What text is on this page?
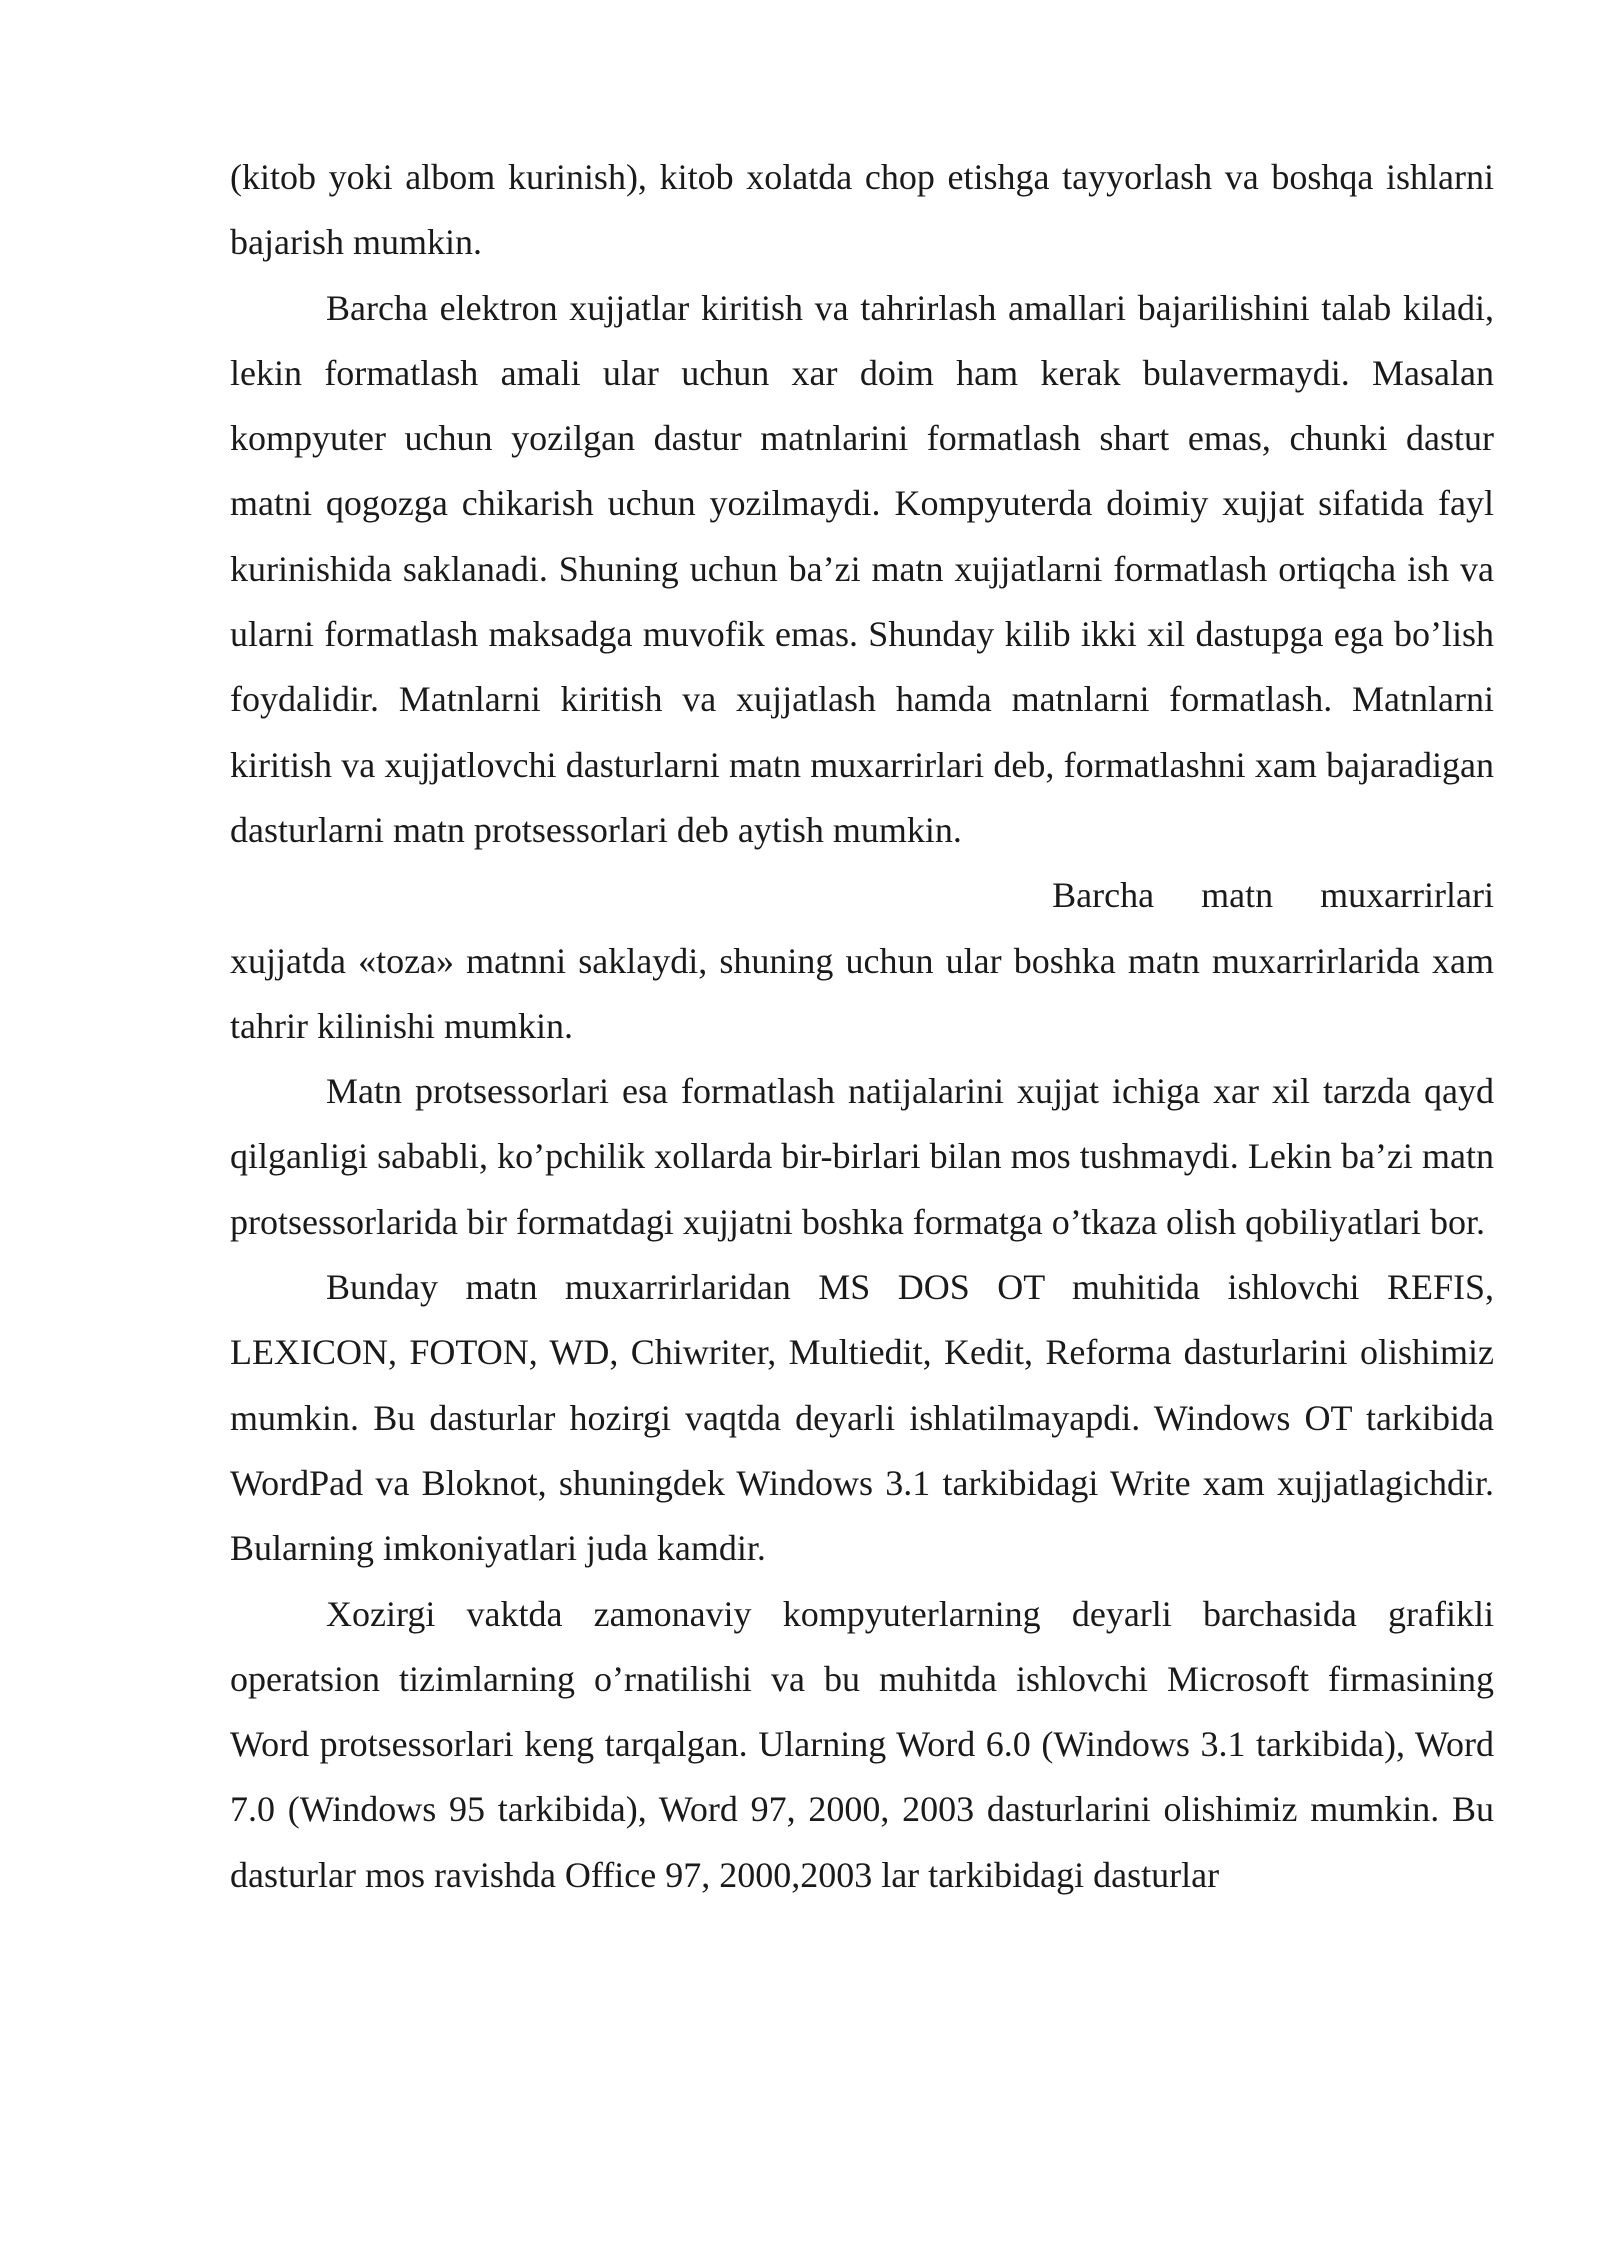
(kitob yoki albom kurinish), kitob xolatda chop etishga tayyorlash va boshqa ishlarni bajarish mumkin.

Barcha elektron xujjatlar kiritish va tahrirlash amallari bajarilishini talab kiladi, lekin formatlash amali ular uchun xar doim ham kerak bulavermaydi. Masalan kompyuter uchun yozilgan dastur matnlarini formatlash shart emas, chunki dastur matni qogozga chikarish uchun yozilmaydi. Kompyuterda doimiy xujjat sifatida fayl kurinishida saklanadi. Shuning uchun ba’zi matn xujjatlarni formatlash ortiqcha ish va ularni formatlash maksadga muvofik emas. Shunday kilib ikki xil dastupga ega bo’lish foydalidir. Matnlarni kiritish va xujjatlash hamda matnlarni formatlash. Matnlarni kiritish va xujjatlovchi dasturlarni matn muxarrirlari deb, formatlashni xam bajaradigan dasturlarni matn protsessorlari deb aytish mumkin.

Barcha matn muxarrirlari

xujjatda «toza» matnni saklaydi, shuning uchun ular boshka matn muxarrirlarida xam tahrir kilinishi mumkin.

Matn protsessorlari esa formatlash natijalarini xujjat ichiga xar xil tarzda qayd qilganligi sababli, ko’pchilik xollarda bir-birlari bilan mos tushmaydi. Lekin ba’zi matn protsessorlarida bir formatdagi xujjatni boshka formatga o’tkaza olish qobiliyatlari bor.

Bunday matn muxarrirlaridan MS DOS OT muhitida ishlovchi REFIS, LEXICON, FOTON, WD, Chiwriter, Multiedit, Kedit, Reforma dasturlarini olishimiz mumkin. Bu dasturlar hozirgi vaqtda deyarli ishlatilmayapdi. Windows OT tarkibida WordPad va Bloknot, shuningdek Windows 3.1 tarkibidagi Write xam xujjatlagichdir. Bularning imkoniyatlari juda kamdir.

Xozirgi vaktda zamonaviy kompyuterlarning deyarli barchasida grafikli operatsion tizimlarning o’rnatilishi va bu muhitda ishlovchi Microsoft firmasining Word protsessorlari keng tarqalgan. Ularning Word 6.0 (Windows 3.1 tarkibida), Word 7.0 (Windows 95 tarkibida), Word 97, 2000, 2003 dasturlarini olishimiz mumkin. Bu dasturlar mos ravishda Office 97, 2000,2003 lar tarkibidagi dasturlar
